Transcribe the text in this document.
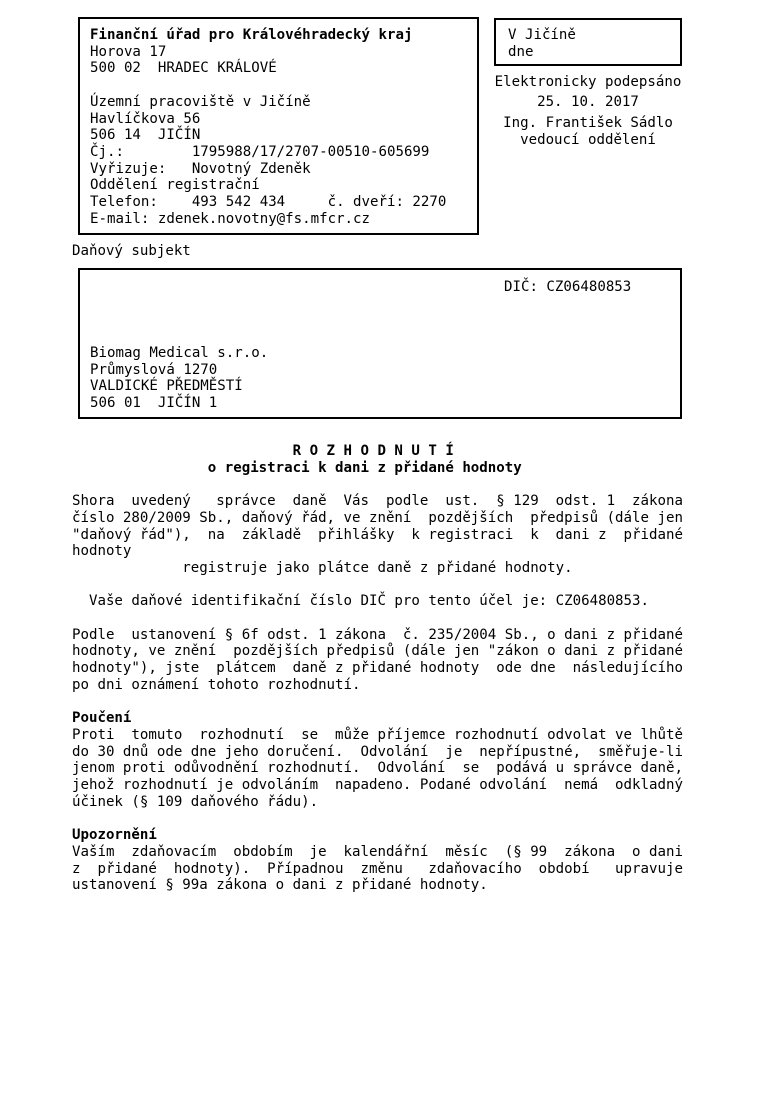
Finanční úřad pro Královéhradecký kraj
Horova 17
500 02  HRADEC KRÁLOVÉ
Územní pracoviště v Jičíně
Havlíčkova 56
506 14  JIČÍN
Čj.:        1795988/17/2707-00510-605699
Vyřizuje:   Novotný Zdeněk
Oddělení registrační
Telefon:    493 542 434     č. dveří: 2270
E-mail: zdenek.novotny@fs.mfcr.cz
V Jičíně
dne
Elektronicky podepsáno
25. 10. 2017
Ing. František Sádlo
vedoucí oddělení
Daňový subjekt
DIČ: CZ06480853
Biomag Medical s.r.o.
Průmyslová 1270
VALDICKÉ PŘEDMĚSTÍ
506 01  JIČÍN 1
R O Z H O D N U T Í
o registraci k dani z přidané hodnoty
Shora  uvedený   správce  daně  Vás  podle  ust.  § 129  odst. 1  zákona
číslo 280/2009 Sb., daňový řád, ve znění  pozdějších  předpisů (dále jen
"daňový řád"),  na  základě  přihlášky  k registraci  k  dani z  přidané
hodnoty
registruje jako plátce daně z přidané hodnoty.
Vaše daňové identifikační číslo DIČ pro tento účel je: CZ06480853.
Podle  ustanovení § 6f odst. 1 zákona  č. 235/2004 Sb., o dani z přidané
hodnoty, ve znění  pozdějších předpisů (dále jen "zákon o dani z přidané
hodnoty"), jste  plátcem  daně z přidané hodnoty  ode dne  následujícího
po dni oznámení tohoto rozhodnutí.
Poučení
Proti  tomuto  rozhodnutí  se  může příjemce rozhodnutí odvolat ve lhůtě
do 30 dnů ode dne jeho doručení.  Odvolání  je  nepřípustné,  směřuje-li
jenom proti odůvodnění rozhodnutí.  Odvolání  se  podává u správce daně,
jehož rozhodnutí je odvoláním  napadeno. Podané odvolání  nemá  odkladný
účinek (§ 109 daňového řádu).
Upozornění
Vaším  zdaňovacím  obdobím  je  kalendářní  měsíc  (§ 99  zákona  o dani
z  přidané  hodnoty).  Případnou  změnu   zdaňovacího  období   upravuje
ustanovení § 99a zákona o dani z přidané hodnoty.
